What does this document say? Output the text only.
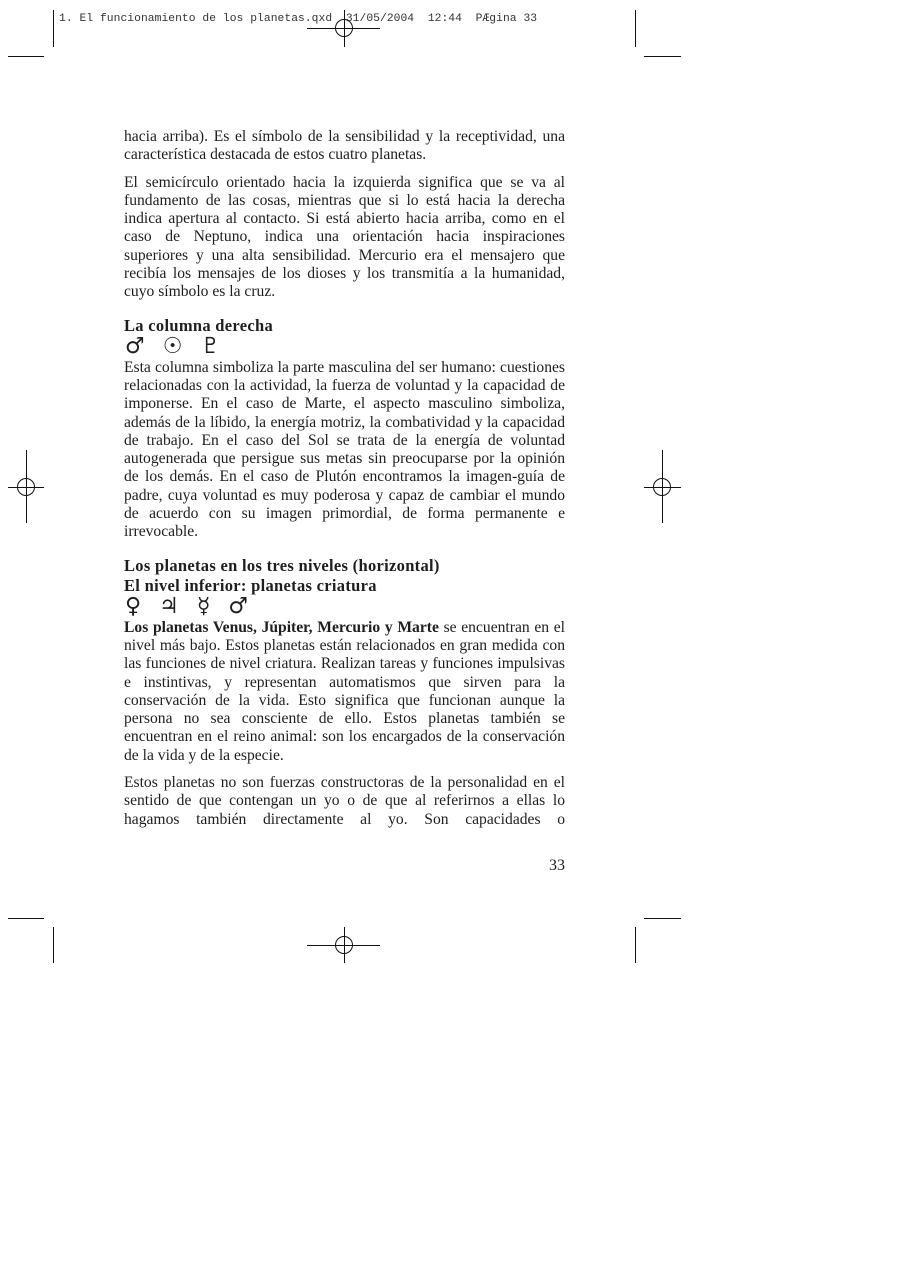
1. El funcionamiento de los planetas.qxd 31/05/2004 12:44 PÆgina 33

hacia arriba). Es el símbolo de la sensibilidad y la receptividad, una característica destacada de estos cuatro planetas.

El semicírculo orientado hacia la izquierda significa que se va al fundamento de las cosas, mientras que si lo está hacia la derecha indica apertura al contacto. Si está abierto hacia arriba, como en el caso de Neptuno, indica una orientación hacia inspiraciones superiores y una alta sensibilidad. Mercurio era el mensajero que recibía los mensajes de los dioses y los transmitía a la humanidad, cuyo símbolo es la cruz.

La columna derecha
♂ ☉ ♇

Esta columna simboliza la parte masculina del ser humano: cuestiones relacionadas con la actividad, la fuerza de voluntad y la capacidad de imponerse. En el caso de Marte, el aspecto masculino simboliza, además de la líbido, la energía motriz, la combatividad y la capacidad de trabajo. En el caso del Sol se trata de la energía de voluntad autogenerada que persigue sus metas sin preocuparse por la opinión de los demás. En el caso de Plutón encontramos la imagen-guía de padre, cuya voluntad es muy poderosa y capaz de cambiar el mundo de acuerdo con su imagen primordial, de forma permanente e irrevocable.

Los planetas en los tres niveles (horizontal)
El nivel inferior: planetas criatura
♀ ♃ ☿ ♂

Los planetas Venus, Júpiter, Mercurio y Marte se encuentran en el nivel más bajo. Estos planetas están relacionados en gran medida con las funciones de nivel criatura. Realizan tareas y funciones impulsivas e instintivas, y representan automatismos que sirven para la conservación de la vida. Esto significa que funcionan aunque la persona no sea consciente de ello. Estos planetas también se encuentran en el reino animal: son los encargados de la conservación de la vida y de la especie.

Estos planetas no son fuerzas constructoras de la personalidad en el sentido de que contengan un yo o de que al referirnos a ellas lo hagamos también directamente al yo. Son capacidades o

33
